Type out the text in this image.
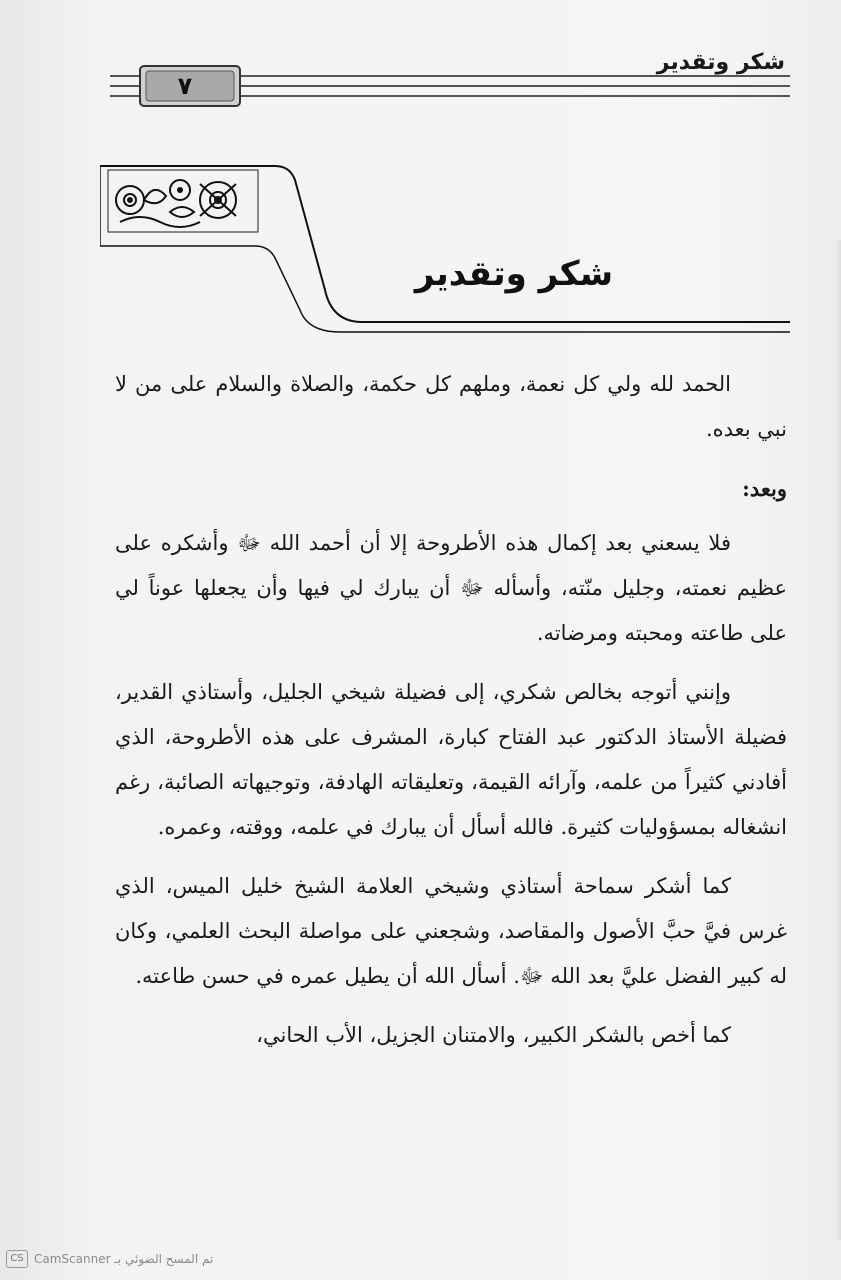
شكر وتقدير
٧
شكر وتقدير

الحمد لله ولي كل نعمة، وملهم كل حكمة، والصلاة والسلام على من لا نبي بعده.

وبعد:

فلا يسعني بعد إكمال هذه الأطروحة إلا أن أحمد الله ﷻ وأشكره على عظيم نعمته، وجليل منّته، وأسأله ﷻ أن يبارك لي فيها وأن يجعلها عوناً لي على طاعته ومحبته ومرضاته.

وإنني أتوجه بخالص شكري، إلى فضيلة شيخي الجليل، وأستاذي القدير، فضيلة الأستاذ الدكتور عبد الفتاح كبارة، المشرف على هذه الأطروحة، الذي أفادني كثيراً من علمه، وآرائه القيمة، وتعليقاته الهادفة، وتوجيهاته الصائبة، رغم انشغاله بمسؤوليات كثيرة. فالله أسأل أن يبارك في علمه، ووقته، وعمره.

كما أشكر سماحة أستاذي وشيخي العلامة الشيخ خليل الميس، الذي غرس فيَّ حبَّ الأصول والمقاصد، وشجعني على مواصلة البحث العلمي، وكان له كبير الفضل عليَّ بعد الله ﷻ. أسأل الله أن يطيل عمره في حسن طاعته.

كما أخص بالشكر الكبير، والامتنان الجزيل، الأب الحاني،

تم المسح الضوئي بـ CamScanner
CS
